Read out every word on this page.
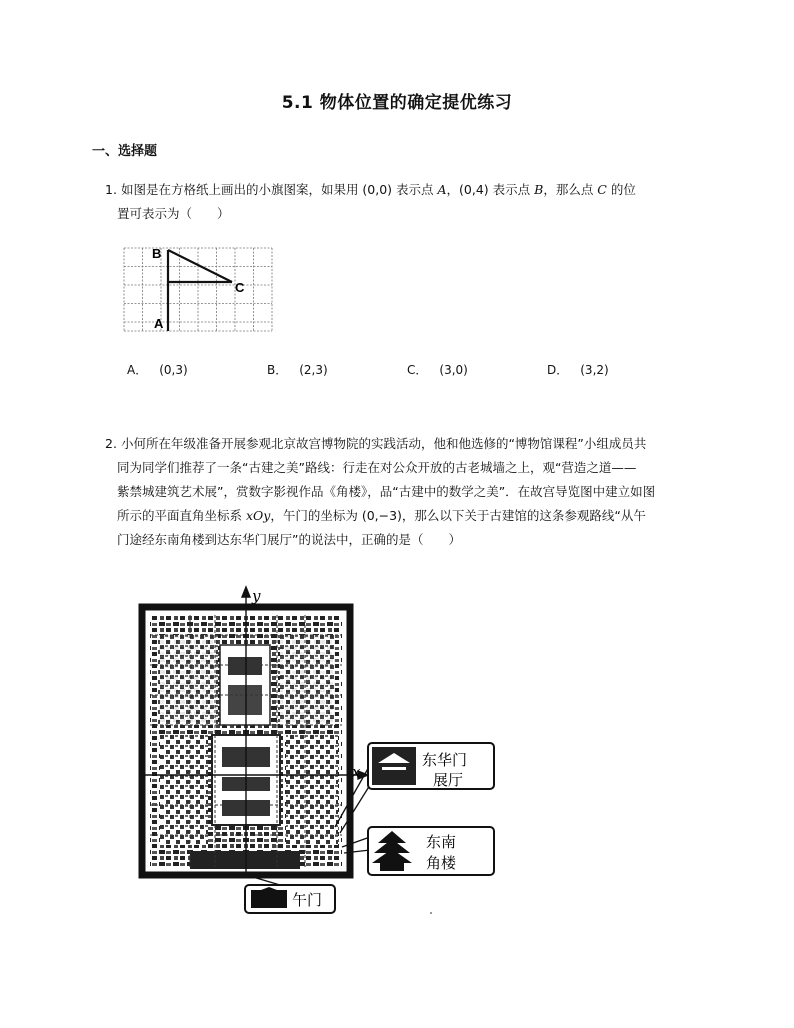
5.1 物体位置的确定提优练习
一、选择题
1. 如图是在方格纸上画出的小旗图案，如果用 (0,0) 表示点 A，(0,4) 表示点 B，那么点 C 的位
置可表示为（　　）
B
A
C
A． (0,3)	B． (2,3)	C． (3,0)	D． (3,2)
2. 小何所在年级准备开展参观北京故宫博物院的实践活动，他和他选修的“博物馆课程”小组成员共
同为同学们推荐了一条“古建之美”路线：行走在对公众开放的古老城墙之上，观“营造之道——
紫禁城建筑艺术展”，赏数字影视作品《角楼》，品“古建中的数学之美”．在故宫导览图中建立如图
所示的平面直角坐标系 xOy，午门的坐标为 (0,−3)，那么以下关于古建馆的这条参观路线“从午
门途经东南角楼到达东华门展厅”的说法中，正确的是（　　）
y
x
东华门
展厅
东南
角楼
午门
